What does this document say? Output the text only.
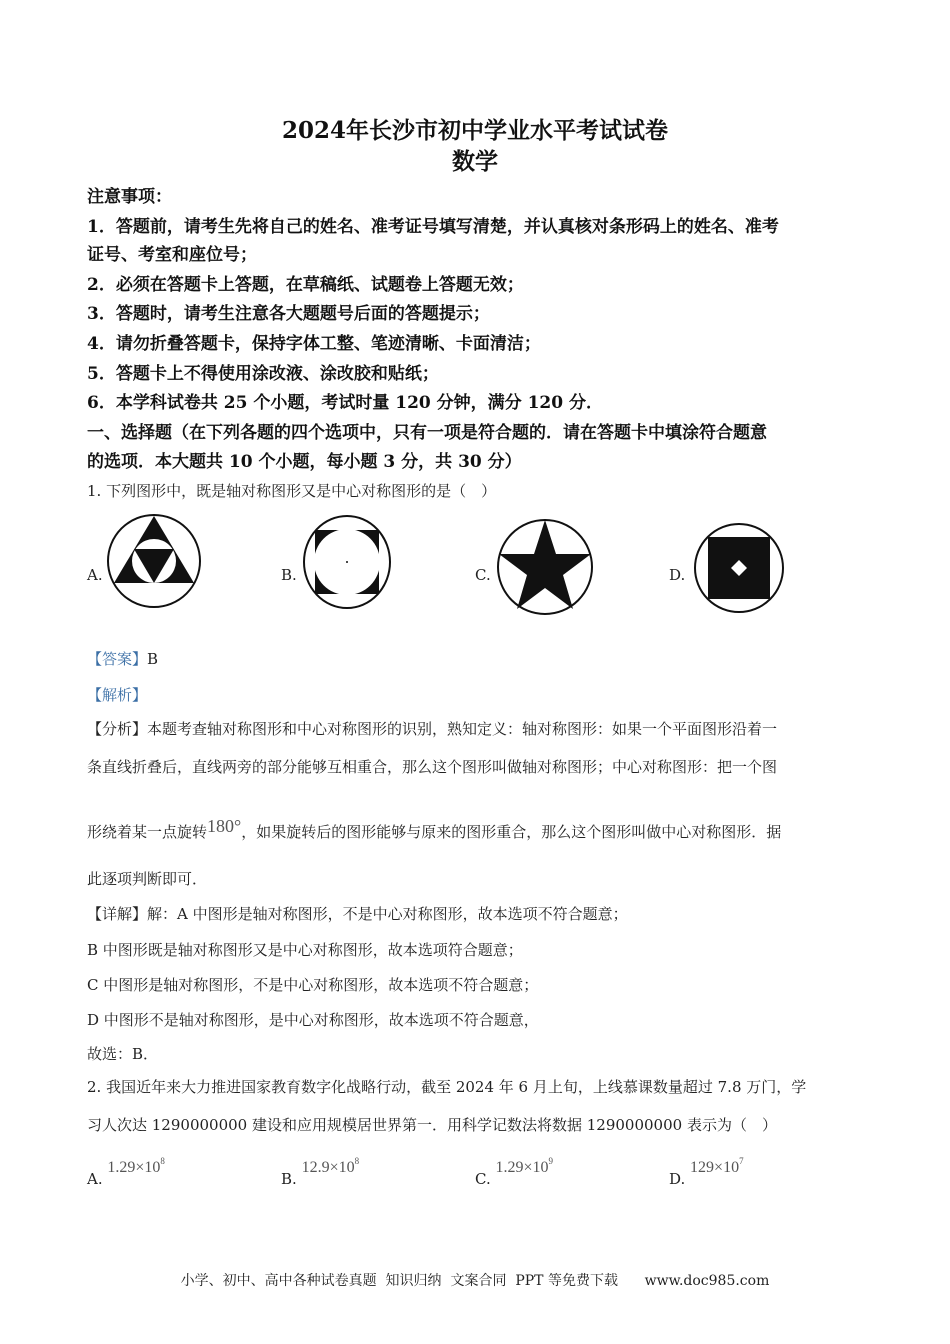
2024年长沙市初中学业水平考试试卷
数学
注意事项：
1．答题前，请考生先将自己的姓名、准考证号填写清楚，并认真核对条形码上的姓名、准考
证号、考室和座位号；
2．必须在答题卡上答题，在草稿纸、试题卷上答题无效；
3．答题时，请考生注意各大题题号后面的答题提示；
4．请勿折叠答题卡，保持字体工整、笔迹清晰、卡面清洁；
5．答题卡上不得使用涂改液、涂改胶和贴纸；
6．本学科试卷共 25 个小题，考试时量 120 分钟，满分 120 分．
一、选择题（在下列各题的四个选项中，只有一项是符合题的．请在答题卡中填涂符合题意
的选项．本大题共 10 个小题，每小题 3 分，共 30 分）
1. 下列图形中，既是轴对称图形又是中心对称图形的是（　）
A.	B.	C.	D.
【答案】B
【解析】
【分析】本题考查轴对称图形和中心对称图形的识别，熟知定义：轴对称图形：如果一个平面图形沿着一
条直线折叠后，直线两旁的部分能够互相重合，那么这个图形叫做轴对称图形；中心对称图形：把一个图
形绕着某一点旋转180°，如果旋转后的图形能够与原来的图形重合，那么这个图形叫做中心对称图形．据
此逐项判断即可．
【详解】解：A 中图形是轴对称图形，不是中心对称图形，故本选项不符合题意；
B 中图形既是轴对称图形又是中心对称图形，故本选项符合题意；
C 中图形是轴对称图形，不是中心对称图形，故本选项不符合题意；
D 中图形不是轴对称图形，是中心对称图形，故本选项不符合题意，
故选：B．
2. 我国近年来大力推进国家教育数字化战略行动，截至 2024 年 6 月上旬，上线慕课数量超过 7.8 万门，学
习人次达 1290000000 建设和应用规模居世界第一．用科学记数法将数据 1290000000 表示为（　）
A. $1.29\times 10^8$
B. $12.9\times 10^8$
C. $1.29\times 10^9$
D. $129\times 10^7$
小学、初中、高中各种试卷真题  知识归纳  文案合同  PPT 等免费下载      www.doc985.com
